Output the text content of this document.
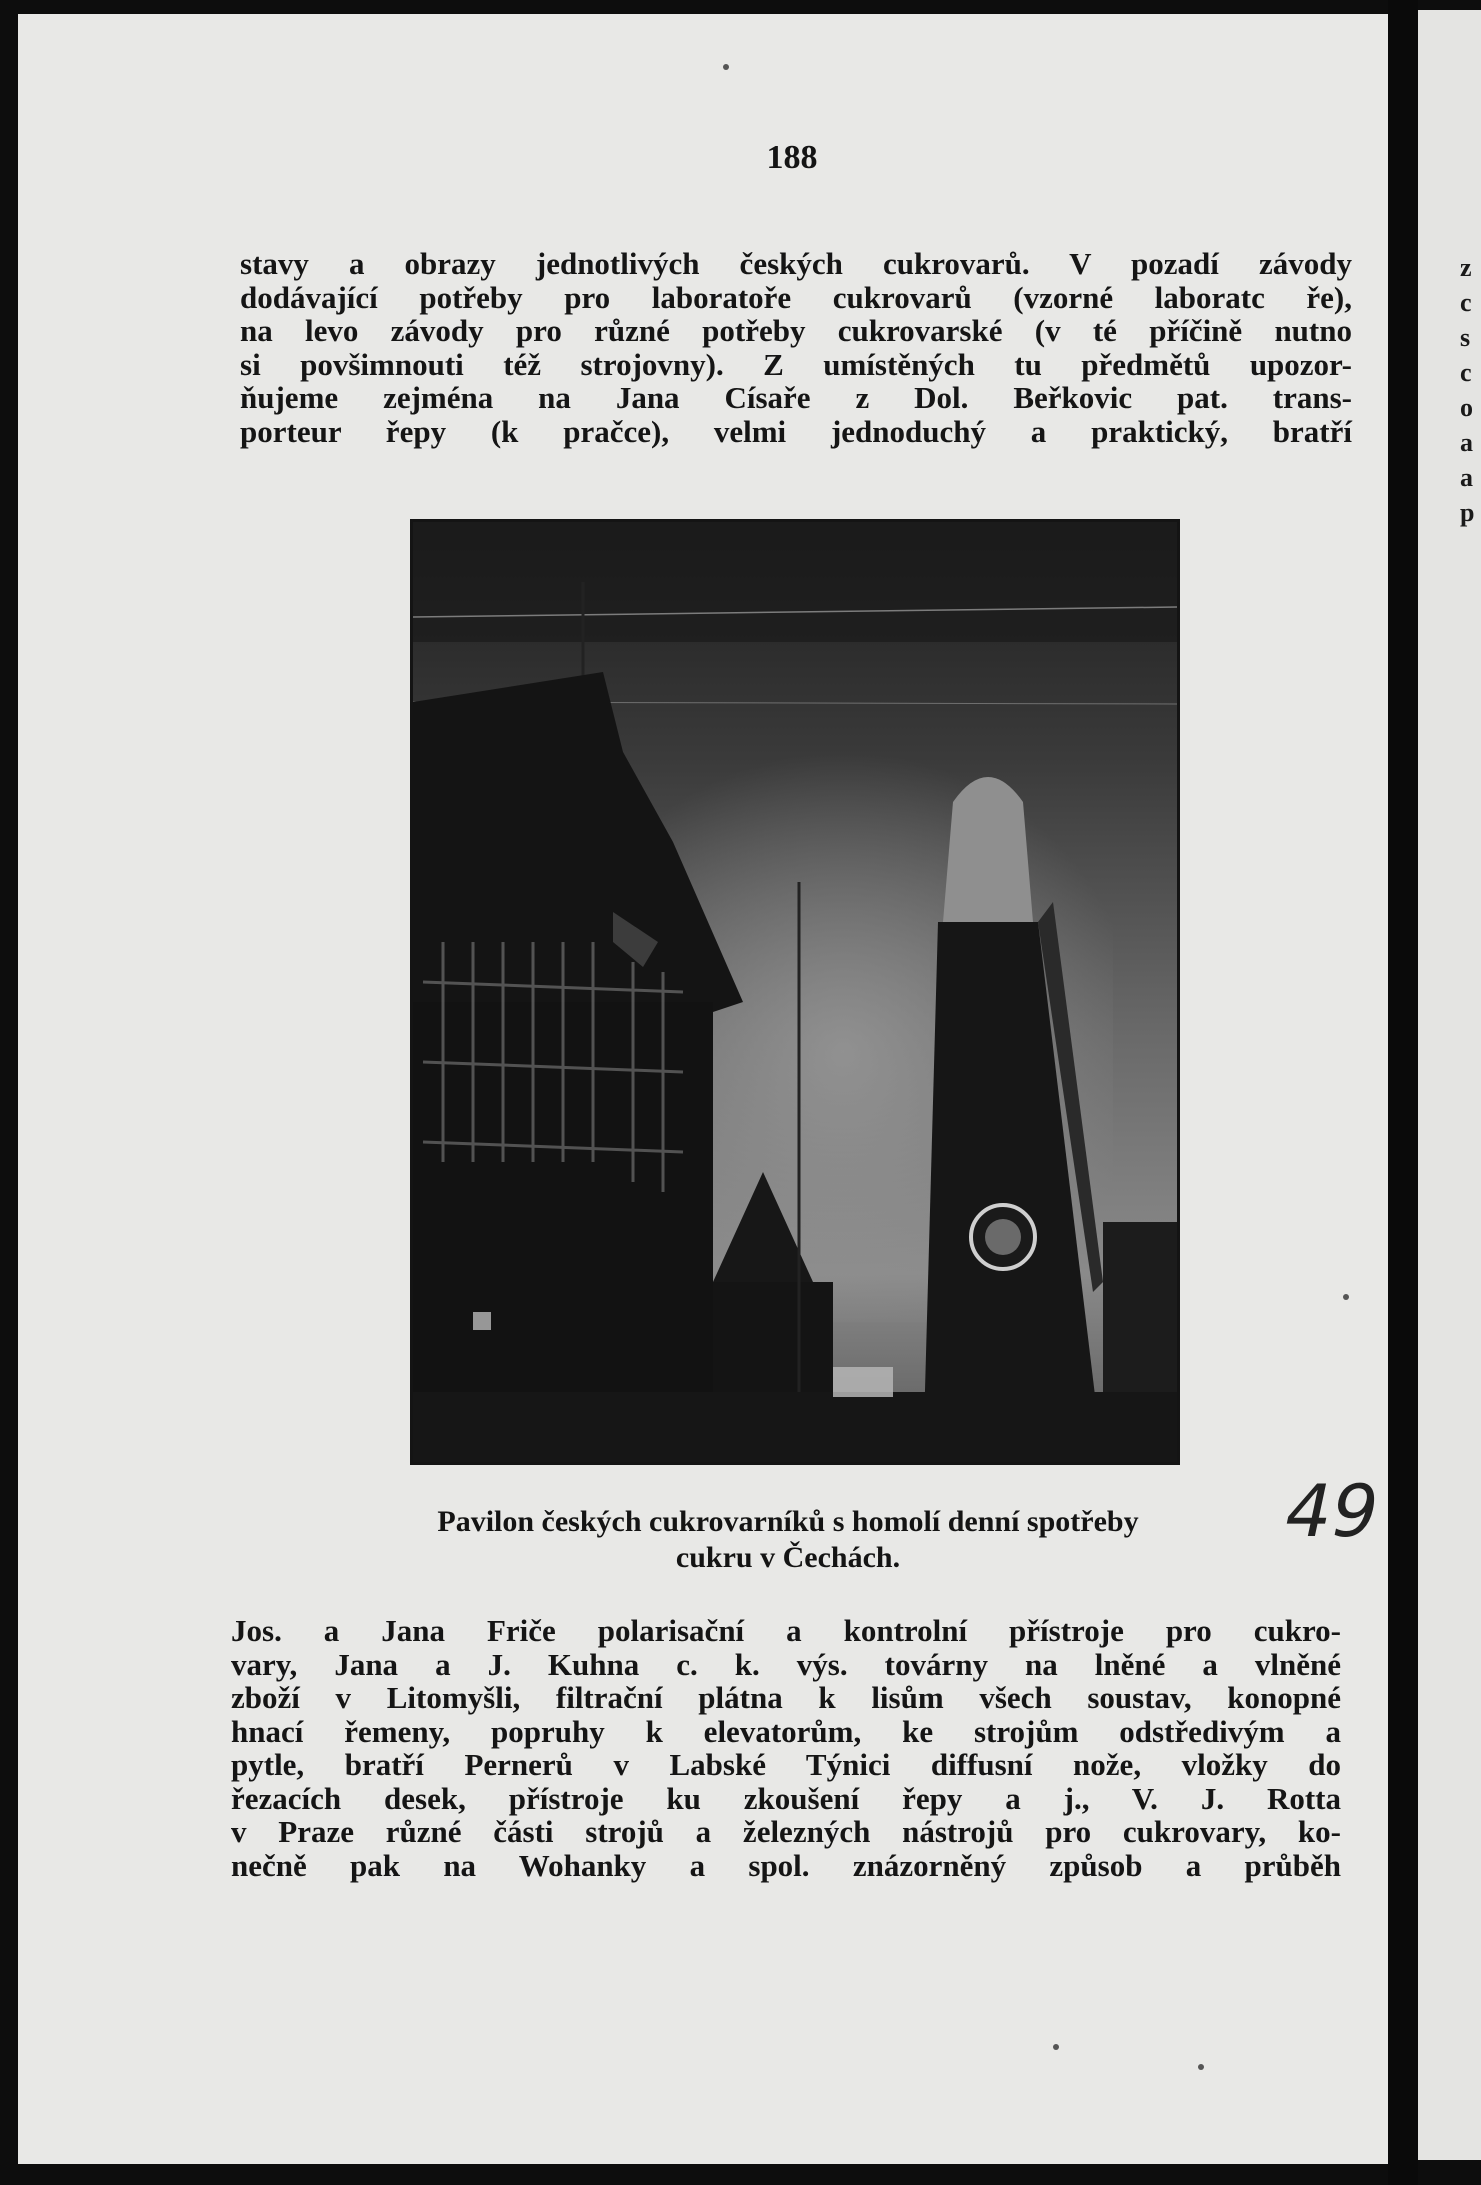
z
c
s
c
o
a
a
p
188
stavy a obrazy jednotlivých českých cukrovarů. V pozadí závody
dodávající potřeby pro laboratoře cukrovarů (vzorné laboratc ře),
na levo závody pro různé potřeby cukrovarské (v té příčině nutno
si povšimnouti též strojovny). Z umístěných tu předmětů upozor-
ňujeme zejména na Jana Císaře z Dol. Beřkovic pat. trans-
porteur řepy (k pračce), velmi jednoduchý a praktický, bratří
Pavilon českých cukrovarníků s homolí denní spotřeby
cukru v Čechách.
49
Jos. a Jana Friče polarisační a kontrolní přístroje pro cukro-
vary, Jana a J. Kuhna c. k. výs. továrny na lněné a vlněné
zboží v Litomyšli, filtrační plátna k lisům všech soustav, konopné
hnací řemeny, popruhy k elevatorům, ke strojům odstředivým a
pytle, bratří Pernerů v Labské Týnici diffusní nože, vložky do
řezacích desek, přístroje ku zkoušení řepy a j., V. J. Rotta
v Praze různé části strojů a železných nástrojů pro cukrovary, ko-
nečně pak na Wohanky a spol. znázorněný způsob a průběh
